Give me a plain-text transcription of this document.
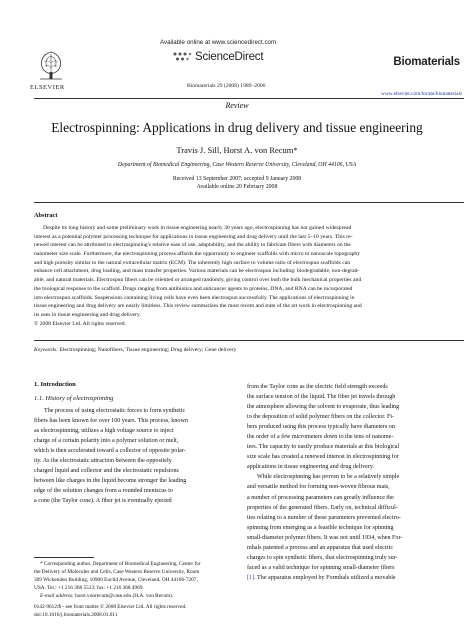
Available online at www.sciencedirect.com
ELSEVIER
ScienceDirect
Biomaterials 29 (2008) 1989–2006
Biomaterials
www.elsevier.com/locate/biomaterials
Review
Electrospinning: Applications in drug delivery and tissue engineering
Travis J. Sill, Horst A. von Recum*
Department of Biomedical Engineering, Case Western Reserve University, Cleveland, OH 44106, USA
Received 13 September 2007; accepted 9 January 2008
Available online 20 February 2008
Abstract
Despite its long history and some preliminary work in tissue engineering nearly 30 years ago, electrospinning has not gained widespread
interest as a potential polymer processing technique for applications in tissue engineering and drug delivery until the last 5–10 years. This re-
newed interest can be attributed to electrospinning's relative ease of use, adaptability, and the ability to fabricate fibers with diameters on the
nanometer size scale. Furthermore, the electrospinning process affords the opportunity to engineer scaffolds with micro to nanoscale topography
and high porosity similar to the natural extracellular matrix (ECM). The inherently high surface to volume ratio of electrospun scaffolds can
enhance cell attachment, drug loading, and mass transfer properties. Various materials can be electrospun including: biodegradable, non-degrad-
able, and natural materials. Electrospun fibers can be oriented or arranged randomly, giving control over both the bulk mechanical properties and
the biological response to the scaffold. Drugs ranging from antibiotics and anticancer agents to proteins, DNA, and RNA can be incorporated
into electrospun scaffolds. Suspensions containing living cells have even been electrospun successfully. The applications of electrospinning in
tissue engineering and drug delivery are nearly limitless. This review summarizes the most recent and state of the art work in electrospinning and
its uses in tissue engineering and drug delivery.
© 2008 Elsevier Ltd. All rights reserved.
Keywords: Electrospinning; Nanofibers; Tissue engineering; Drug delivery; Gene delivery
1. Introduction
1.1. History of electrospinning
The process of using electrostatic forces to form synthetic
fibers has been known for over 100 years. This process, known
as electrospinning, utilizes a high voltage source to inject
charge of a certain polarity into a polymer solution or melt,
which is then accelerated toward a collector of opposite polar-
ity. As the electrostatic attraction between the oppositely
charged liquid and collector and the electrostatic repulsions
between like charges in the liquid become stronger the leading
edge of the solution changes from a rounded meniscus to
a cone (the Taylor cone). A fiber jet is eventually ejected
from the Taylor cone as the electric field strength exceeds
the surface tension of the liquid. The fiber jet travels through
the atmosphere allowing the solvent to evaporate, thus leading
to the deposition of solid polymer fibers on the collector. Fi-
bers produced using this process typically have diameters on
the order of a few micrometers down to the tens of nanome-
ters. The capacity to easily produce materials at this biological
size scale has created a renewed interest in electrospinning for
applications in tissue engineering and drug delivery.
While electrospinning has proven to be a relatively simple
and versatile method for forming non-woven fibrous mats,
a number of processing parameters can greatly influence the
properties of the generated fibers. Early on, technical difficul-
ties relating to a number of these parameters prevented electro-
spinning from emerging as a feasible technique for spinning
small-diameter polymer fibers. It was not until 1934, when For-
mhals patented a process and an apparatus that used electric
charges to spin synthetic fibers, that electrospinning truly sur-
faced as a valid technique for spinning small-diameter fibers
[1]. The apparatus employed by Formhals utilized a movable
* Corresponding author. Department of Biomedical Engineering, Center for
the Delivery of Molecules and Cells, Case Western Reserve University, Room
309 Wickenden Building, 10900 Euclid Avenue, Cleveland, OH 44106-7207,
USA. Tel.: +1 216 368 5513; fax: +1 216 368 4969.
E-mail address: horst.vonrecum@case.edu (H.A. von Recum).
0142-9612/$ - see front matter © 2008 Elsevier Ltd. All rights reserved.
doi:10.1016/j.biomaterials.2008.01.011
